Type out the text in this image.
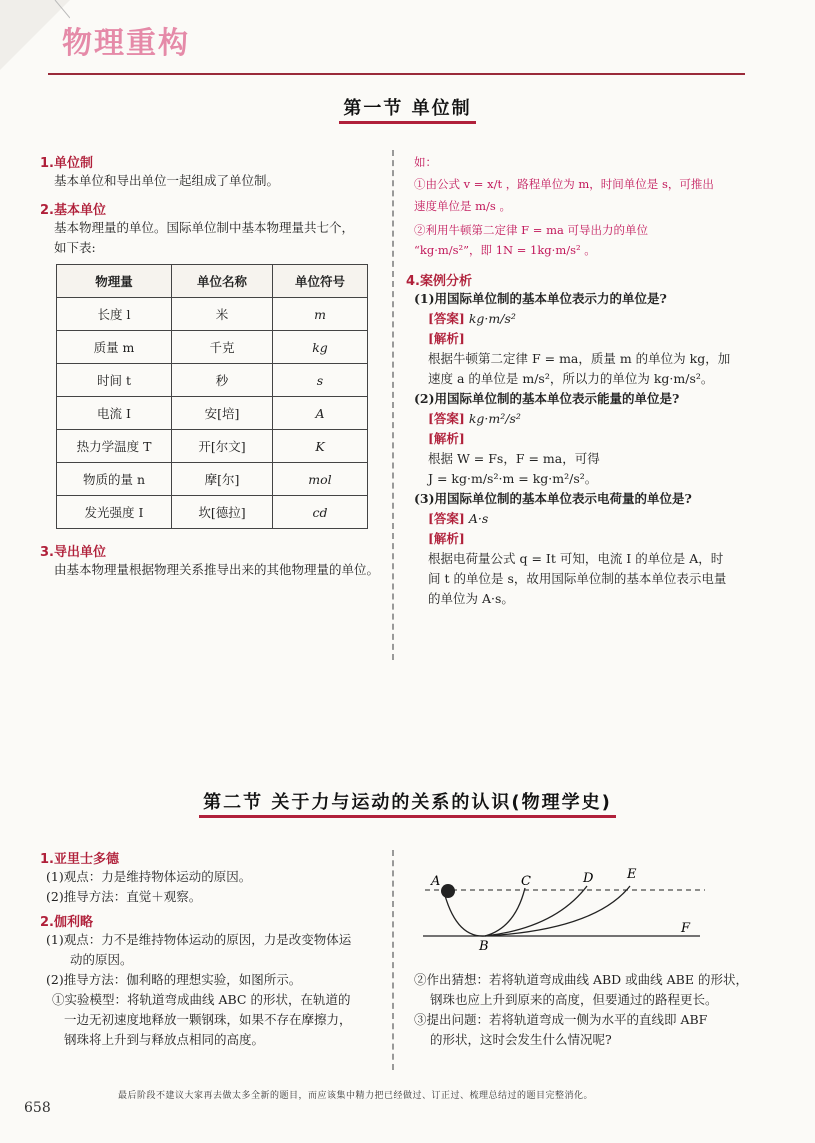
物理重构
第一节 单位制
1.单位制
基本单位和导出单位一起组成了单位制。
2.基本单位
基本物理量的单位。国际单位制中基本物理量共七个，
如下表:
物理量	单位名称	单位符号
长度 l	米	m
质量 m	千克	kg
时间 t	秒	s
电流 I	安[培]	A
热力学温度 T	开[尔文]	K
物质的量 n	摩[尔]	mol
发光强度 I	坎[德拉]	cd
3.导出单位
由基本物理量根据物理关系推导出来的其他物理量的单位。
如：
①由公式 v = x/t ，路程单位为 m，时间单位是 s，可推出
速度单位是 m/s 。
②利用牛顿第二定律 F = ma 可导出力的单位
“kg·m/s²”，即 1N = 1kg·m/s² 。
4.案例分析
(1)用国际单位制的基本单位表示力的单位是?
[答案] kg·m/s²
[解析]
根据牛顿第二定律 F = ma，质量 m 的单位为 kg，加
速度 a 的单位是 m/s²，所以力的单位为 kg·m/s²。
(2)用国际单位制的基本单位表示能量的单位是?
[答案] kg·m²/s²
[解析]
根据 W = Fs，F = ma，可得
J = kg·m/s²·m = kg·m²/s²。
(3)用国际单位制的基本单位表示电荷量的单位是?
[答案] A·s
[解析]
根据电荷量公式 q = It 可知，电流 I 的单位是 A，时
间 t 的单位是 s，故用国际单位制的基本单位表示电量
的单位为 A·s。
第二节 关于力与运动的关系的认识(物理学史)
1.亚里士多德
(1)观点：力是维持物体运动的原因。
(2)推导方法：直觉＋观察。
2.伽利略
(1)观点：力不是维持物体运动的原因，力是改变物体运
动的原因。
(2)推导方法：伽利略的理想实验，如图所示。
①实验模型：将轨道弯成曲线 ABC 的形状，在轨道的
一边无初速度地释放一颗钢珠，如果不存在摩擦力，
钢珠将上升到与释放点相同的高度。
A
B
C	D	E
F
②作出猜想：若将轨道弯成曲线 ABD 或曲线 ABE 的形状，
钢珠也应上升到原来的高度，但要通过的路程更长。
③提出问题：若将轨道弯成一侧为水平的直线即 ABF
的形状，这时会发生什么情况呢?
最后阶段不建议大家再去做太多全新的题目，而应该集中精力把已经做过、订正过、梳理总结过的题目完整消化。
658
